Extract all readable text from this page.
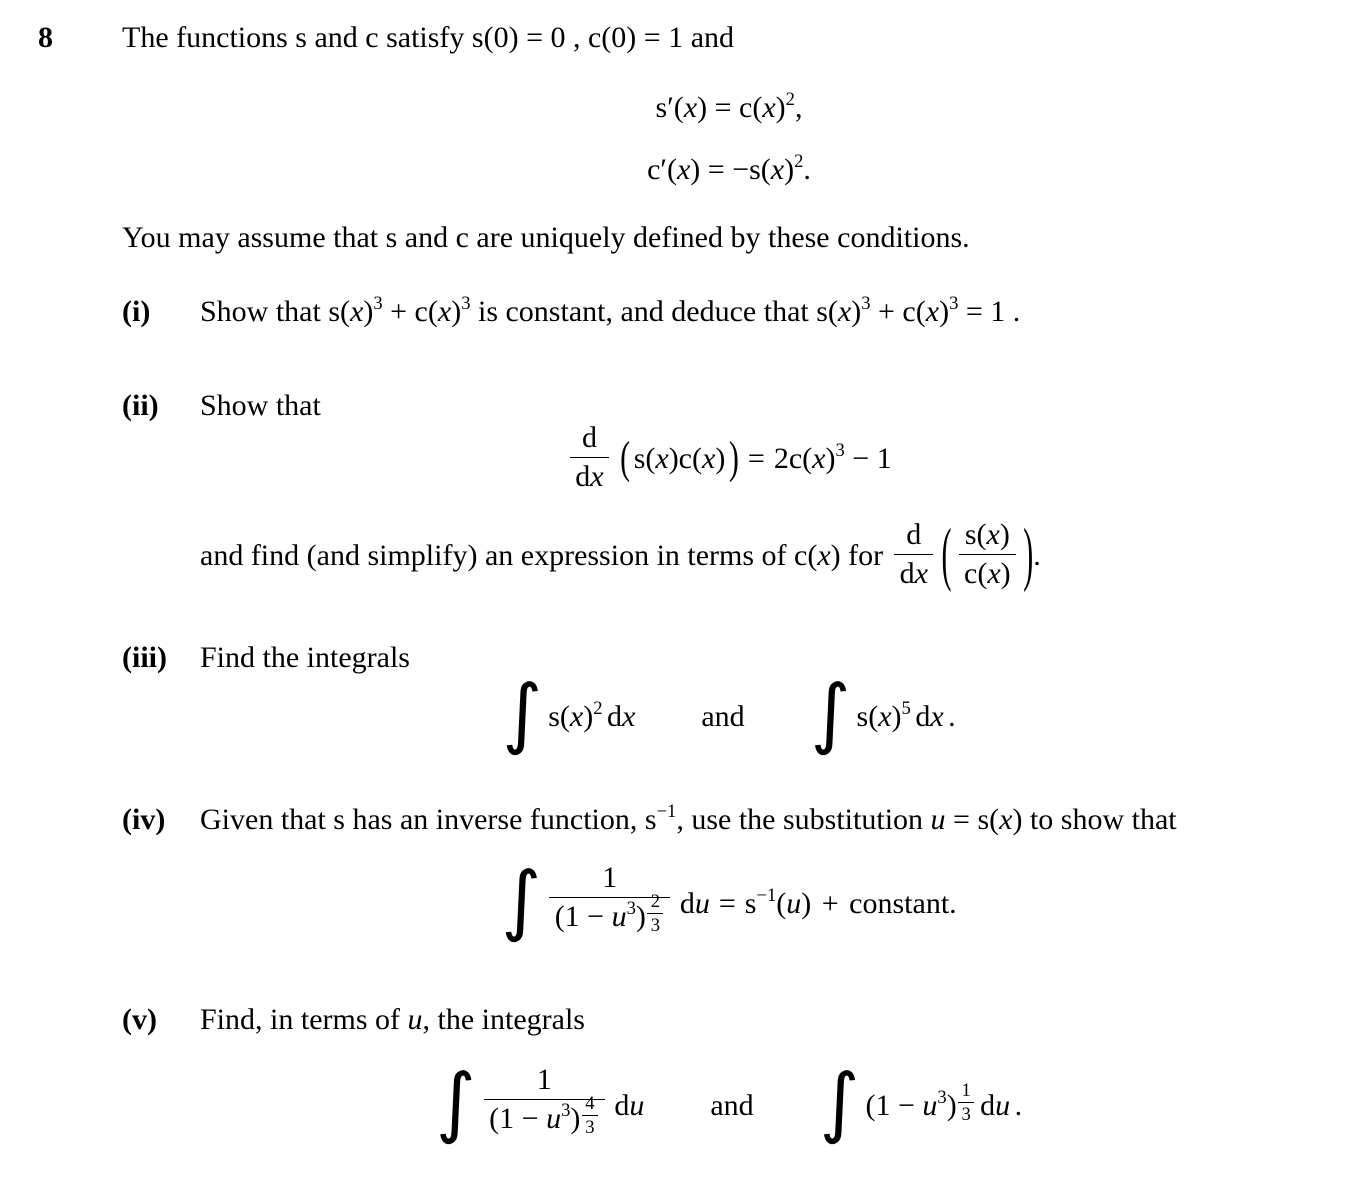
8	The functions s and c satisfy s(0) = 0 , c(0) = 1 and
s′(x) = c(x)2,
c′(x) = −s(x)2.
You may assume that s and c are uniquely defined by these conditions.
(i)	Show that s(x)3 + c(x)3 is constant, and deduce that s(x)3 + c(x)3 = 1 .
(ii)	Show that
$\frac{d}{dx}$ ( s(x)c(x) ) = 2c(x)3 − 1
and find (and simplify) an expression in terms of c(x) for $\frac{d}{dx}$ ( $\frac{s(x)}{c(x)}$ ).
(iii)	Find the integrals
∫ s(x)2 dx and ∫ s(x)5 dx .
(iv)	Given that s has an inverse function, s−1, use the substitution u = s(x) to show that
∫ $\frac{1}{(1 - u3) \frac{2}{3}}$ du = s−1(u) + constant.
(v)	Find, in terms of u, the integrals
∫ $\frac{1}{(1 - u3) \frac{4}{3}}$ du and ∫ $(1 - u3) \frac{1}{3}$ du .
